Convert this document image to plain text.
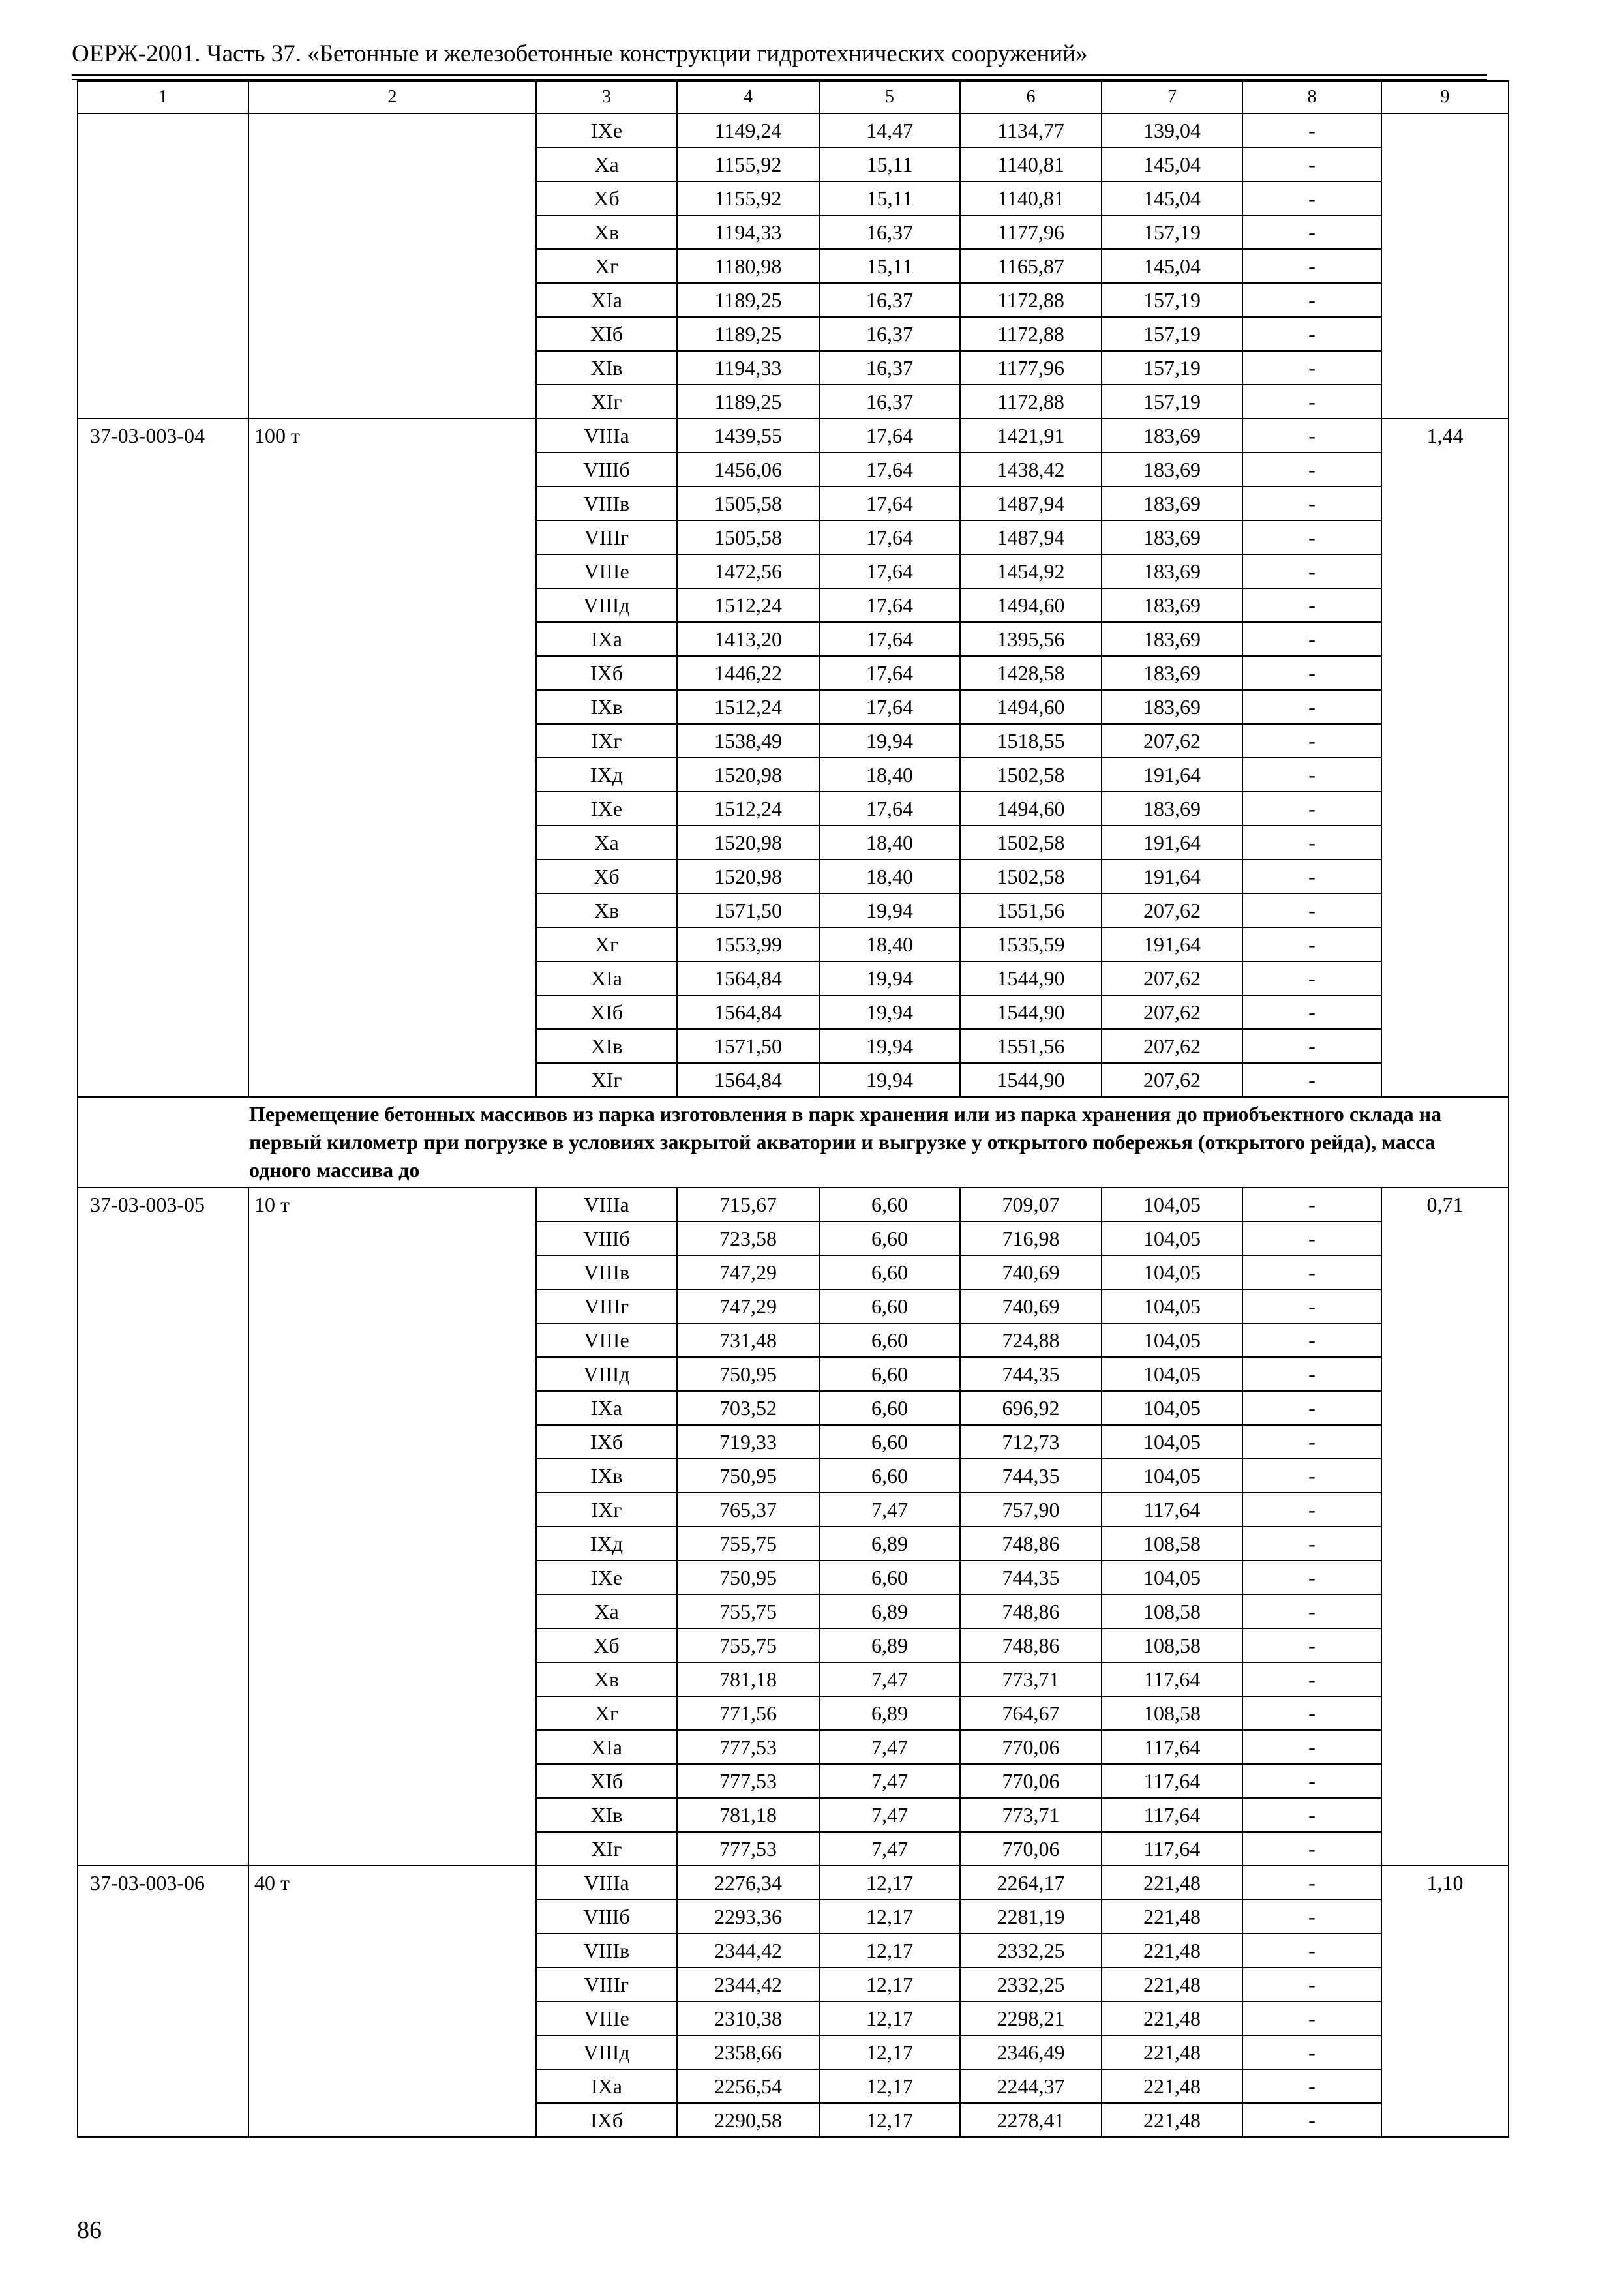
ОЕРЖ-2001. Часть 37. «Бетонные и железобетонные конструкции гидротехнических сооружений»
1	2	3	4	5	6	7	8	9
		IXе	1149,24	14,47	1134,77	139,04	-	
		Xа	1155,92	15,11	1140,81	145,04	-	
		Xб	1155,92	15,11	1140,81	145,04	-	
		Xв	1194,33	16,37	1177,96	157,19	-	
		Xг	1180,98	15,11	1165,87	145,04	-	
		XIа	1189,25	16,37	1172,88	157,19	-	
		XIб	1189,25	16,37	1172,88	157,19	-	
		XIв	1194,33	16,37	1177,96	157,19	-	
		XIг	1189,25	16,37	1172,88	157,19	-	
37-03-003-04	100 т	VIIIа	1439,55	17,64	1421,91	183,69	-	1,44
		VIIIб	1456,06	17,64	1438,42	183,69	-	
		VIIIв	1505,58	17,64	1487,94	183,69	-	
		VIIIг	1505,58	17,64	1487,94	183,69	-	
		VIIIе	1472,56	17,64	1454,92	183,69	-	
		VIIIд	1512,24	17,64	1494,60	183,69	-	
		IXа	1413,20	17,64	1395,56	183,69	-	
		IXб	1446,22	17,64	1428,58	183,69	-	
		IXв	1512,24	17,64	1494,60	183,69	-	
		IXг	1538,49	19,94	1518,55	207,62	-	
		IXд	1520,98	18,40	1502,58	191,64	-	
		IXе	1512,24	17,64	1494,60	183,69	-	
		Xа	1520,98	18,40	1502,58	191,64	-	
		Xб	1520,98	18,40	1502,58	191,64	-	
		Xв	1571,50	19,94	1551,56	207,62	-	
		Xг	1553,99	18,40	1535,59	191,64	-	
		XIа	1564,84	19,94	1544,90	207,62	-	
		XIб	1564,84	19,94	1544,90	207,62	-	
		XIв	1571,50	19,94	1551,56	207,62	-	
		XIг	1564,84	19,94	1544,90	207,62	-	
Перемещение бетонных массивов из парка изготовления в парк хранения или из парка хранения до приобъектного склада на первый километр при погрузке в условиях закрытой акватории и выгрузке у открытого побережья (открытого рейда), масса одного массива до								
37-03-003-05	10 т	VIIIа	715,67	6,60	709,07	104,05	-	0,71
		VIIIб	723,58	6,60	716,98	104,05	-	
		VIIIв	747,29	6,60	740,69	104,05	-	
		VIIIг	747,29	6,60	740,69	104,05	-	
		VIIIе	731,48	6,60	724,88	104,05	-	
		VIIIд	750,95	6,60	744,35	104,05	-	
		IXа	703,52	6,60	696,92	104,05	-	
		IXб	719,33	6,60	712,73	104,05	-	
		IXв	750,95	6,60	744,35	104,05	-	
		IXг	765,37	7,47	757,90	117,64	-	
		IXд	755,75	6,89	748,86	108,58	-	
		IXе	750,95	6,60	744,35	104,05	-	
		Xа	755,75	6,89	748,86	108,58	-	
		Xб	755,75	6,89	748,86	108,58	-	
		Xв	781,18	7,47	773,71	117,64	-	
		Xг	771,56	6,89	764,67	108,58	-	
		XIа	777,53	7,47	770,06	117,64	-	
		XIб	777,53	7,47	770,06	117,64	-	
		XIв	781,18	7,47	773,71	117,64	-	
		XIг	777,53	7,47	770,06	117,64	-	
37-03-003-06	40 т	VIIIа	2276,34	12,17	2264,17	221,48	-	1,10
		VIIIб	2293,36	12,17	2281,19	221,48	-	
		VIIIв	2344,42	12,17	2332,25	221,48	-	
		VIIIг	2344,42	12,17	2332,25	221,48	-	
		VIIIе	2310,38	12,17	2298,21	221,48	-	
		VIIIд	2358,66	12,17	2346,49	221,48	-	
		IXа	2256,54	12,17	2244,37	221,48	-	
		IXб	2290,58	12,17	2278,41	221,48	-	
86
